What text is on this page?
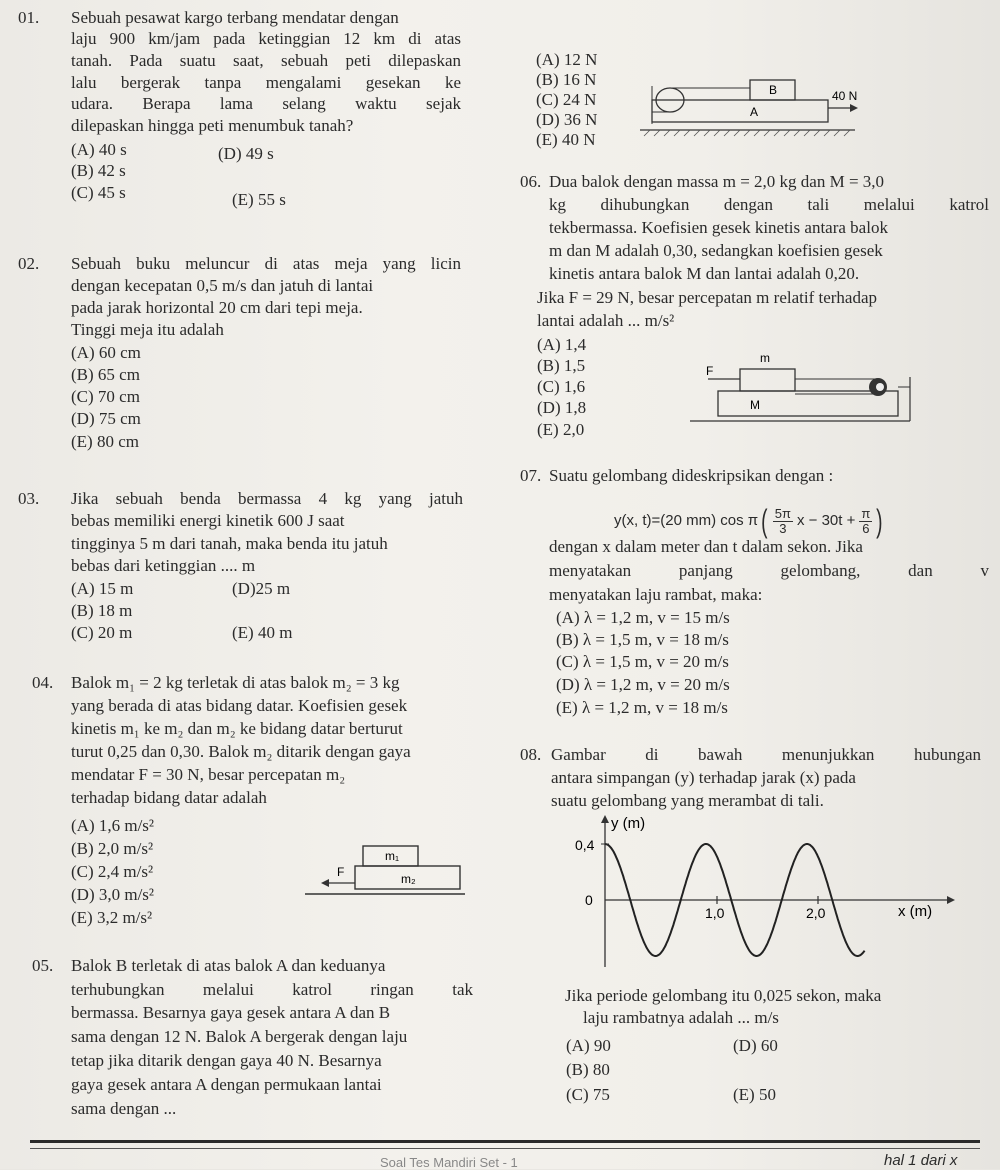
01. Sebuah pesawat kargo terbang mendatar dengan
laju 900 km/jam pada ketinggian 12 km di atas
tanah. Pada suatu saat, sebuah peti dilepaskan
lalu bergerak tanpa mengalami gesekan ke
udara. Berapa lama selang waktu sejak
dilepaskan hingga peti menumbuk tanah?
(A) 40 s
(B) 42 s
(C) 45 s
(D) 49 s
(E) 55 s
02. Sebuah buku meluncur di atas meja yang licin
dengan kecepatan 0,5 m/s dan jatuh di lantai
pada jarak horizontal 20 cm dari tepi meja.
Tinggi meja itu adalah
(A) 60 cm
(B) 65 cm
(C) 70 cm
(D) 75 cm
(E) 80 cm
03. Jika sebuah benda bermassa 4 kg yang jatuh
bebas memiliki energi kinetik 600 J saat
tingginya 5 m dari tanah, maka benda itu jatuh
bebas dari ketinggian .... m
(A) 15 m
(B) 18 m
(C) 20 m
(D)25 m
(E) 40 m
04. Balok m₁ = 2 kg terletak di atas balok m₂ = 3 kg
yang berada di atas bidang datar. Koefisien gesek
kinetis m₁ ke m₂ dan m₂ ke bidang datar berturut
turut 0,25 dan 0,30. Balok m₂ ditarik dengan gaya
mendatar F = 30 N, besar percepatan m₂
terhadap bidang datar adalah
(A) 1,6 m/s²
(B) 2,0 m/s²
(C) 2,4 m/s²
(D) 3,0 m/s²
(E) 3,2 m/s²
m₁
m₂
F
05. Balok B terletak di atas balok A dan keduanya
terhubungkan melalui katrol ringan tak
bermassa. Besarnya gaya gesek antara A dan B
sama dengan 12 N. Balok A bergerak dengan laju
tetap jika ditarik dengan gaya 40 N. Besarnya
gaya gesek antara A dengan permukaan lantai
sama dengan ...
(A) 12 N
(B) 16 N
(C) 24 N
(D) 36 N
(E) 40 N
B
A
40 N
06. Dua balok dengan massa m = 2,0 kg dan M = 3,0
kg dihubungkan dengan tali melalui katrol
tekbermassa. Koefisien gesek kinetis antara balok
m dan M adalah 0,30, sedangkan koefisien gesek
kinetis antara balok M dan lantai adalah 0,20.
Jika F = 29 N, besar percepatan m relatif terhadap
lantai adalah ... m/s²
(A) 1,4
(B) 1,5
(C) 1,6
(D) 1,8
(E) 2,0
m
M
F
07. Suatu gelombang dideskripsikan dengan :
y(x, t)=(20 mm) cos π ( 5π
3 $x - 30t + \frac{\pi}{6}$ )
dengan x dalam meter dan t dalam sekon. Jika
menyatakan panjang gelombang, dan v
menyatakan laju rambat, maka:
(A) λ = 1,2 m, v = 15 m/s
(B) λ = 1,5 m, v = 18 m/s
(C) λ = 1,5 m, v = 20 m/s
(D) λ = 1,2 m, v = 20 m/s
(E) λ = 1,2 m, v = 18 m/s
08. Gambar di bawah menunjukkan hubungan
antara simpangan (y) terhadap jarak (x) pada
suatu gelombang yang merambat di tali.
y (m)
0,4
0
1,0	2,0	x (m)
Jika periode gelombang itu 0,025 sekon, maka
laju rambatnya adalah ... m/s
(A) 90
(B) 80
(C) 75
(D) 60
(E) 50
Soal Tes Mandiri Set - 1	hal 1 dari x
